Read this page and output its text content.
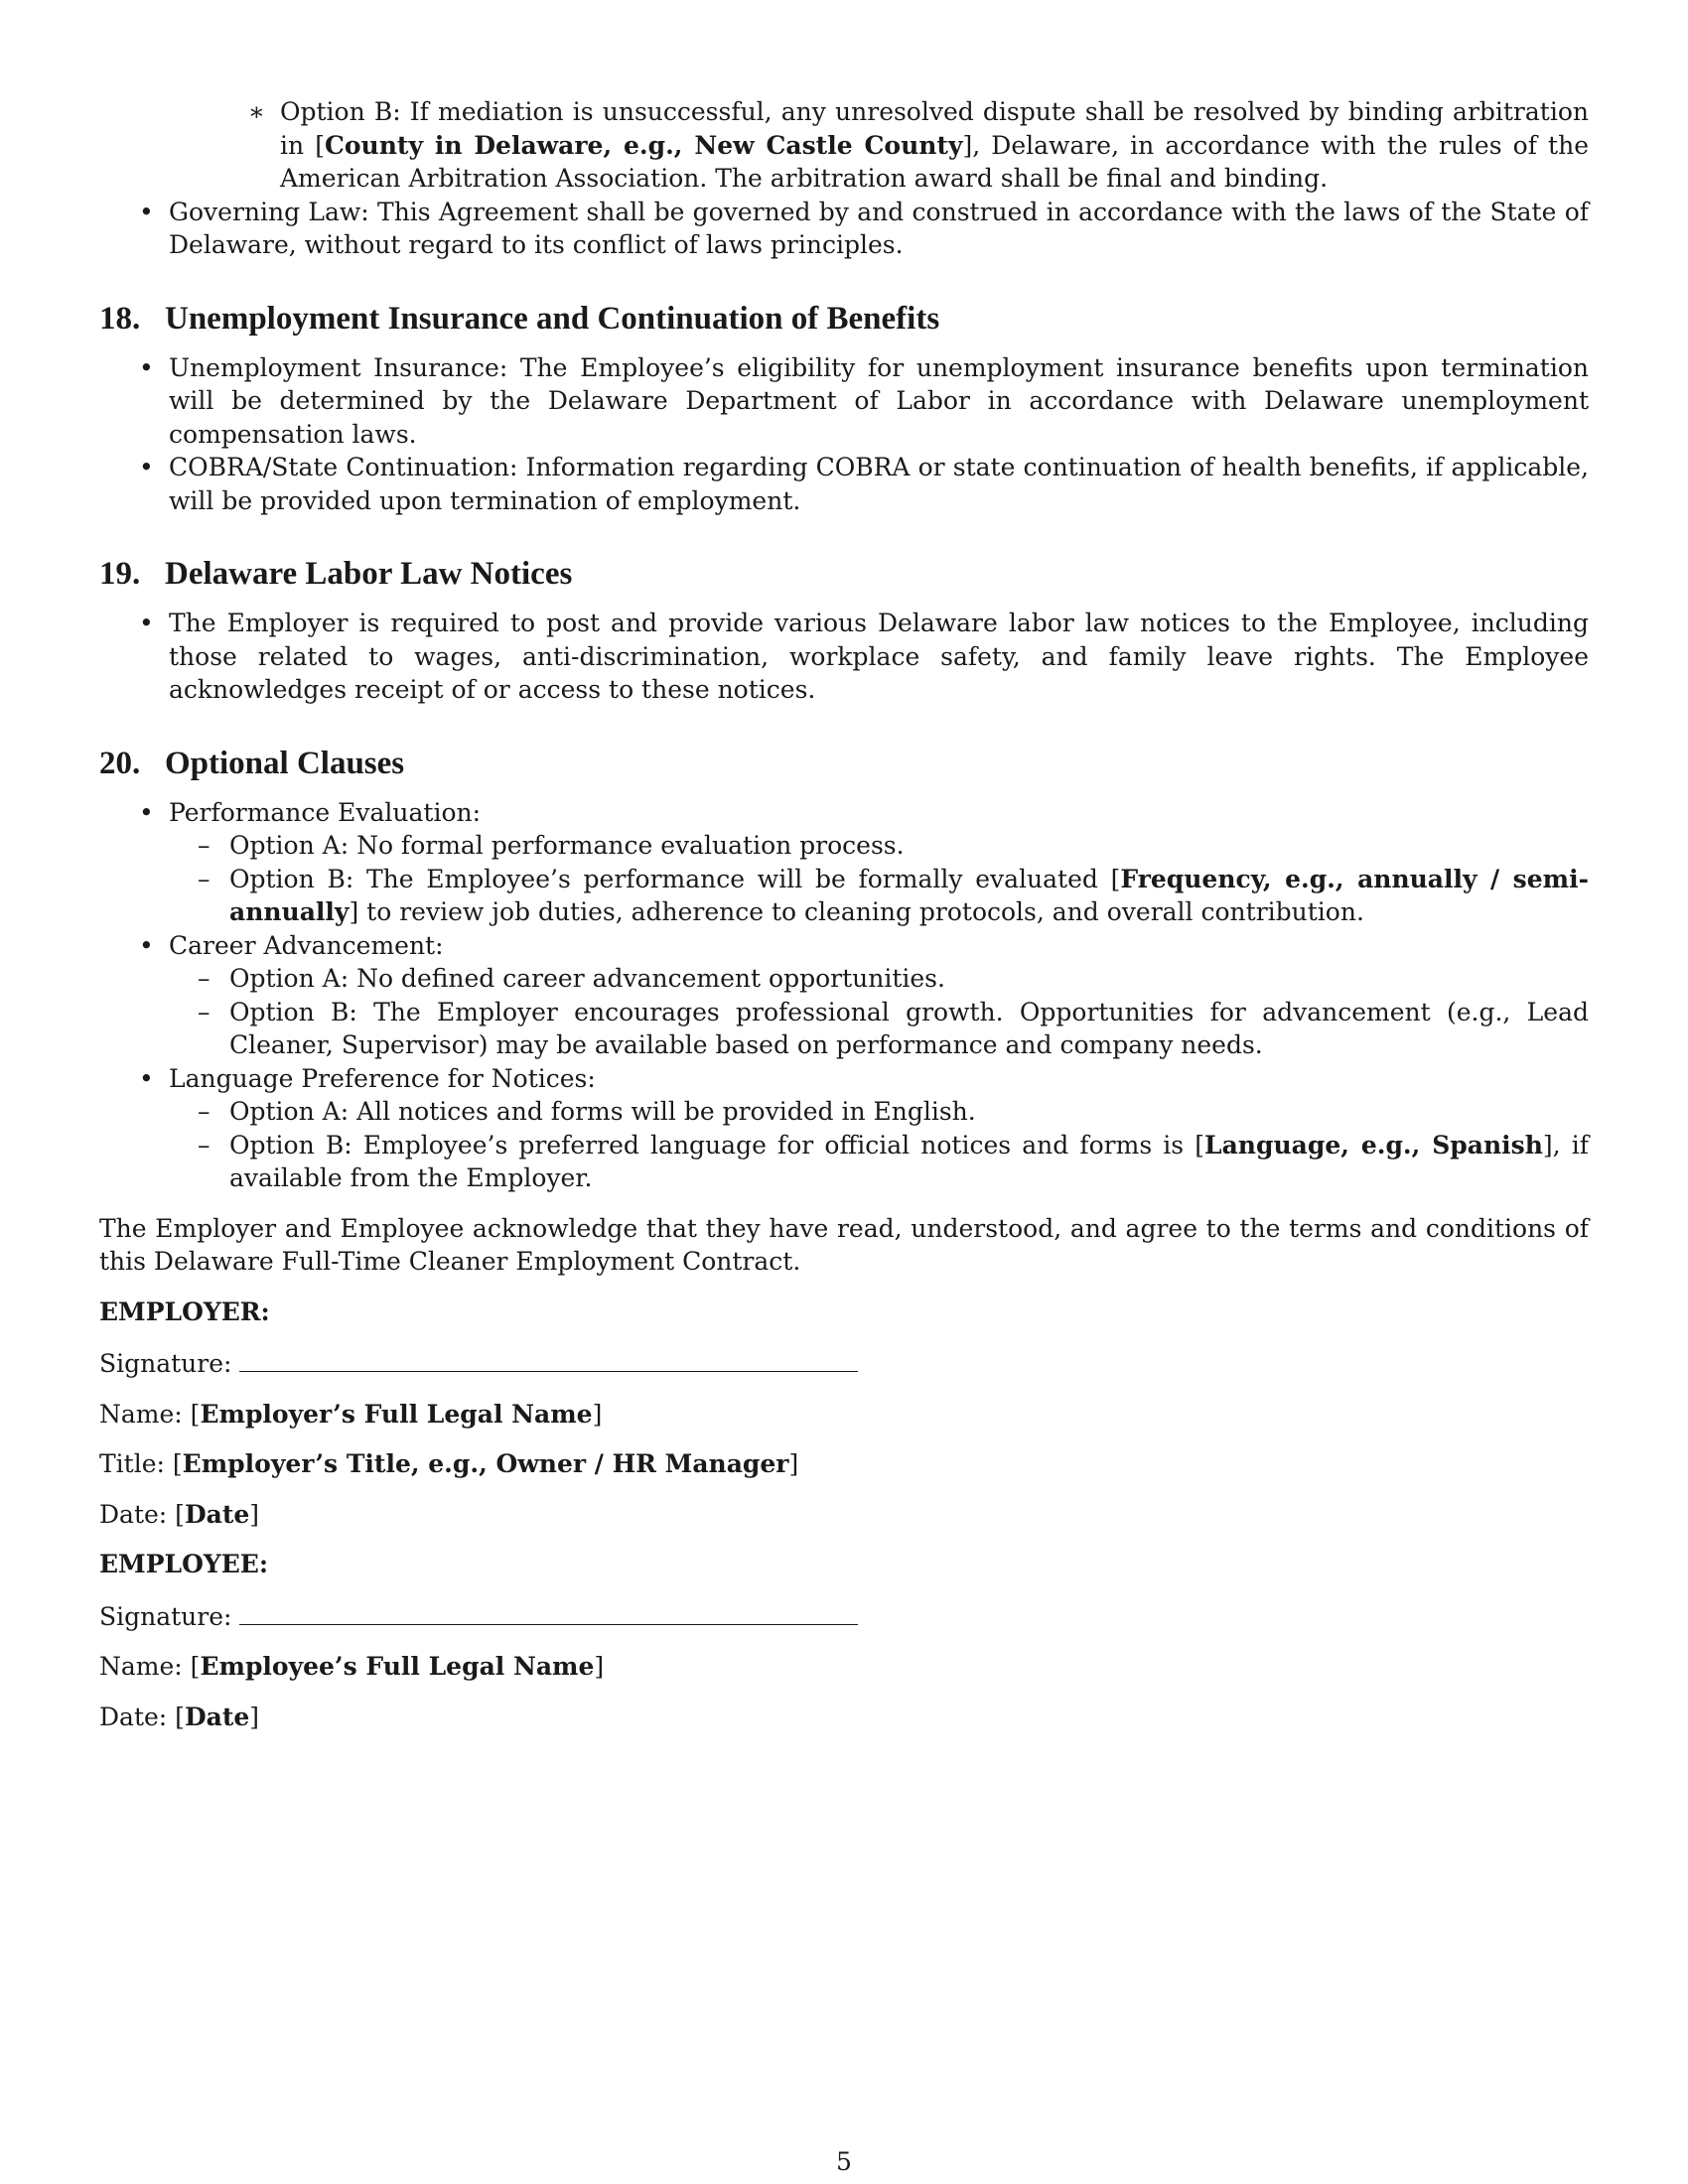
∗ Option B: If mediation is unsuccessful, any unresolved dispute shall be resolved by binding arbitration in [County in Delaware, e.g., New Castle County], Delaware, in accordance with the rules of the American Arbitration Association. The arbitration award shall be final and binding.

• Governing Law: This Agreement shall be governed by and construed in accordance with the laws of the State of Delaware, without regard to its conflict of laws principles.
18. Unemployment Insurance and Continuation of Benefits
• Unemployment Insurance: The Employee’s eligibility for unemployment insurance benefits upon termination will be determined by the Delaware Department of Labor in accordance with Delaware unemployment compensation laws.
• COBRA/State Continuation: Information regarding COBRA or state continuation of health benefits, if applicable, will be provided upon termination of employment.
19. Delaware Labor Law Notices
• The Employer is required to post and provide various Delaware labor law notices to the Employee, including those related to wages, anti-discrimination, workplace safety, and family leave rights. The Employee acknowledges receipt of or access to these notices.
20. Optional Clauses
• Performance Evaluation:
– Option A: No formal performance evaluation process.
– Option B: The Employee’s performance will be formally evaluated [Frequency, e.g., annually / semi-annually] to review job duties, adherence to cleaning protocols, and overall contribution.
• Career Advancement:
– Option A: No defined career advancement opportunities.
– Option B: The Employer encourages professional growth. Opportunities for advancement (e.g., Lead Cleaner, Supervisor) may be available based on performance and company needs.
• Language Preference for Notices:
– Option A: All notices and forms will be provided in English.
– Option B: Employee’s preferred language for official notices and forms is [Language, e.g., Spanish], if available from the Employer.

The Employer and Employee acknowledge that they have read, understood, and agree to the terms and conditions of this Delaware Full-Time Cleaner Employment Contract.

EMPLOYER:

Signature:

Name: [Employer’s Full Legal Name]

Title: [Employer’s Title, e.g., Owner / HR Manager]

Date: [Date]

EMPLOYEE:

Signature:

Name: [Employee’s Full Legal Name]

Date: [Date]

5
